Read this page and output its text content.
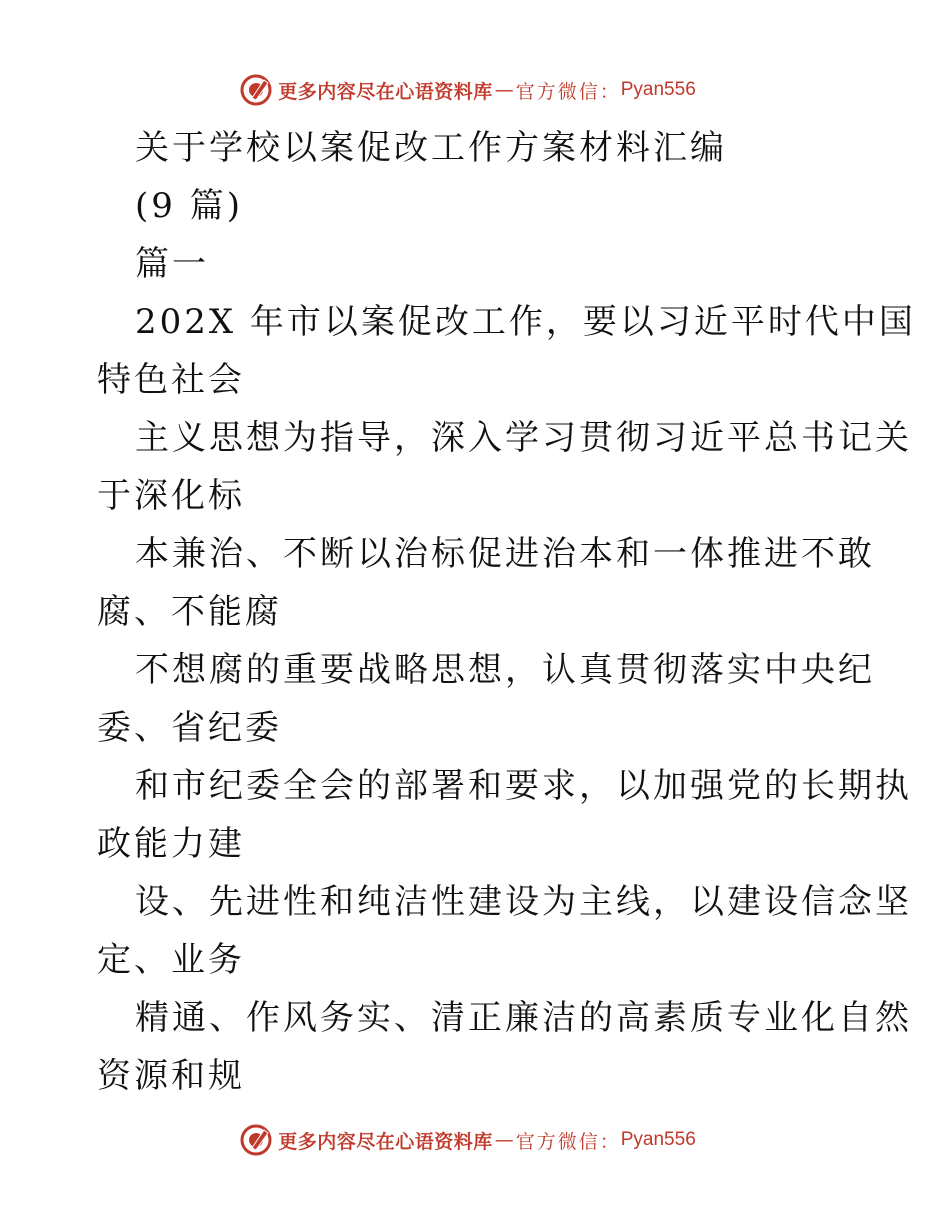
更多内容尽在心语资料库 — 官方微信： Pyan556
关于学校以案促改工作方案材料汇编
(9 篇)
篇一
202X 年市以案促改工作，要以习近平时代中国
特色社会
主义思想为指导，深入学习贯彻习近平总书记关
于深化标
本兼治、不断以治标促进治本和一体推进不敢
腐、不能腐
不想腐的重要战略思想，认真贯彻落实中央纪
委、省纪委
和市纪委全会的部署和要求，以加强党的长期执
政能力建
设、先进性和纯洁性建设为主线，以建设信念坚
定、业务
精通、作风务实、清正廉洁的高素质专业化自然
资源和规
更多内容尽在心语资料库 — 官方微信： Pyan556
